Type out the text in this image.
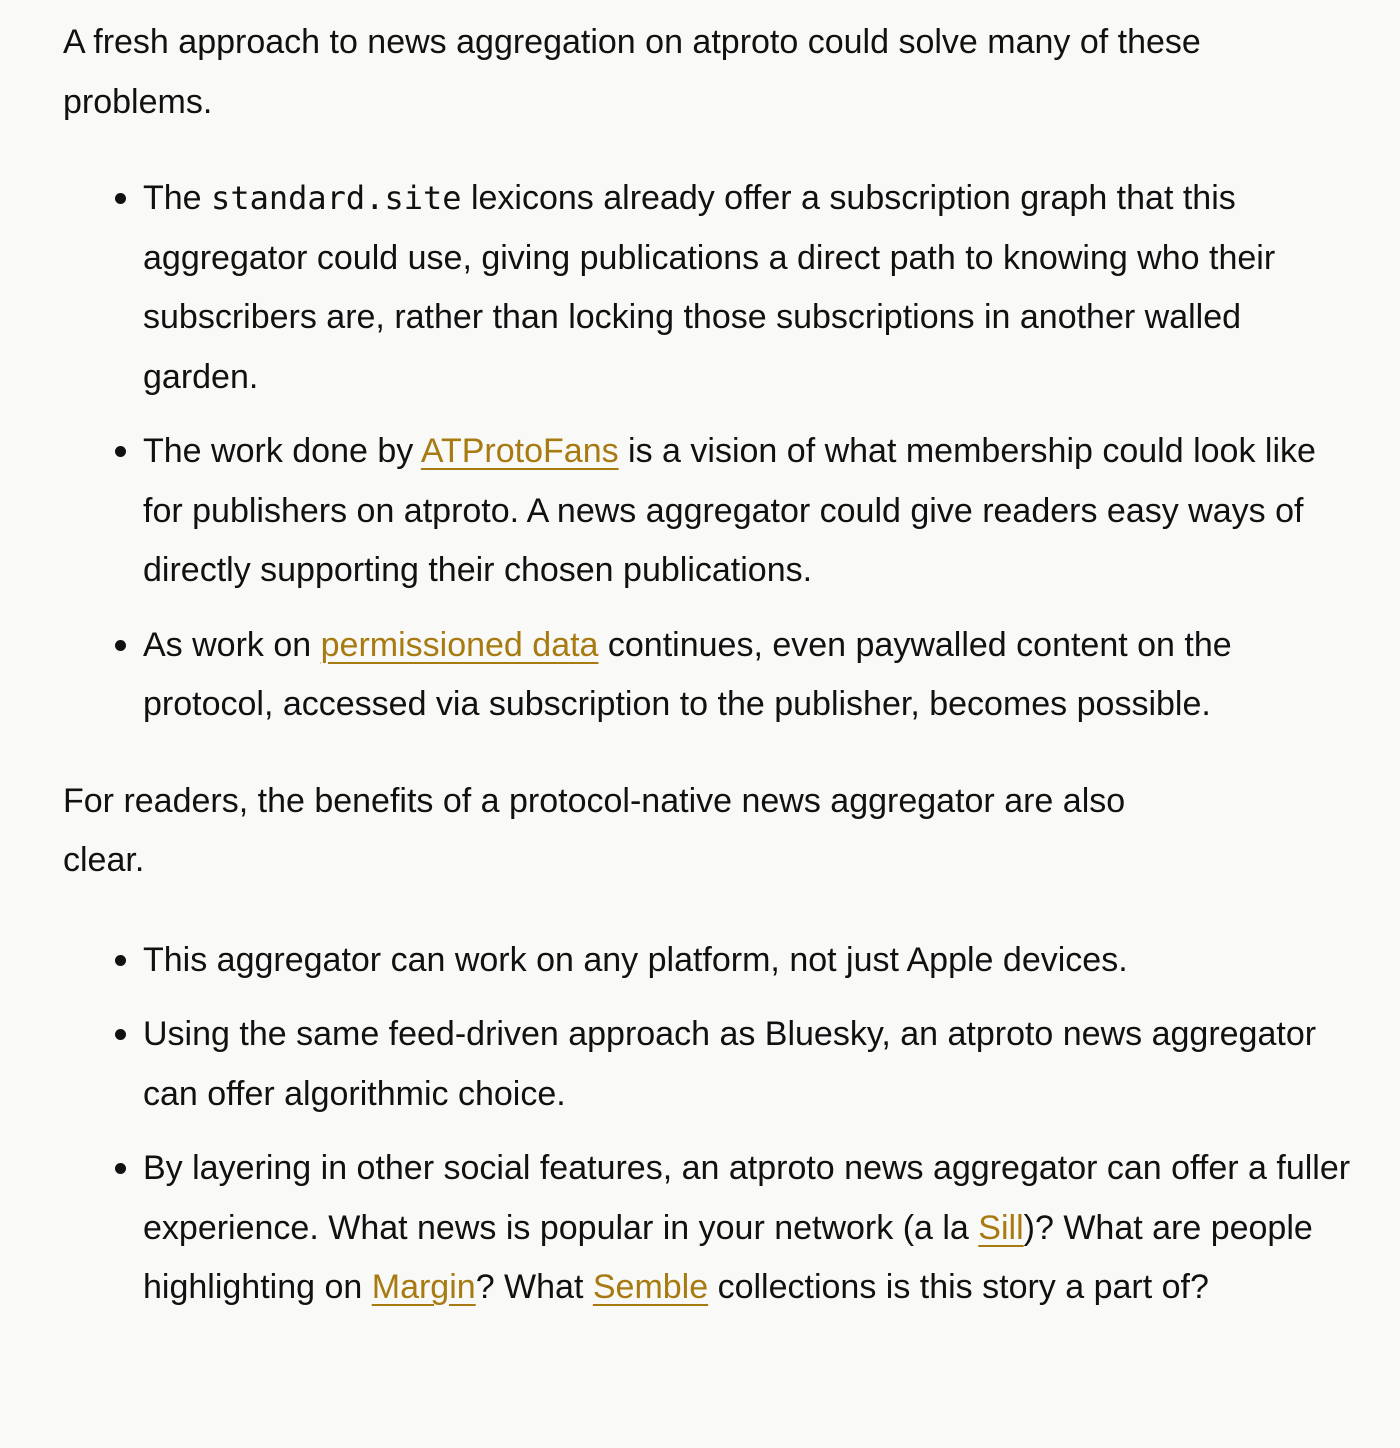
A fresh approach to news aggregation on atproto could solve many of these problems.

The standard.site lexicons already offer a subscription graph that this aggregator could use, giving publications a direct path to knowing who their subscribers are, rather than locking those subscriptions in another walled garden.
The work done by ATProtoFans is a vision of what membership could look like for publishers on atproto. A news aggregator could give readers easy ways of directly supporting their chosen publications.
As work on permissioned data continues, even paywalled content on the protocol, accessed via subscription to the publisher, becomes possible.

For readers, the benefits of a protocol-native news aggregator are also clear.

This aggregator can work on any platform, not just Apple devices.
Using the same feed-driven approach as Bluesky, an atproto news aggregator can offer algorithmic choice.
By layering in other social features, an atproto news aggregator can offer a fuller experience. What news is popular in your network (a la Sill)? What are people highlighting on Margin? What Semble collections is this story a part of?
